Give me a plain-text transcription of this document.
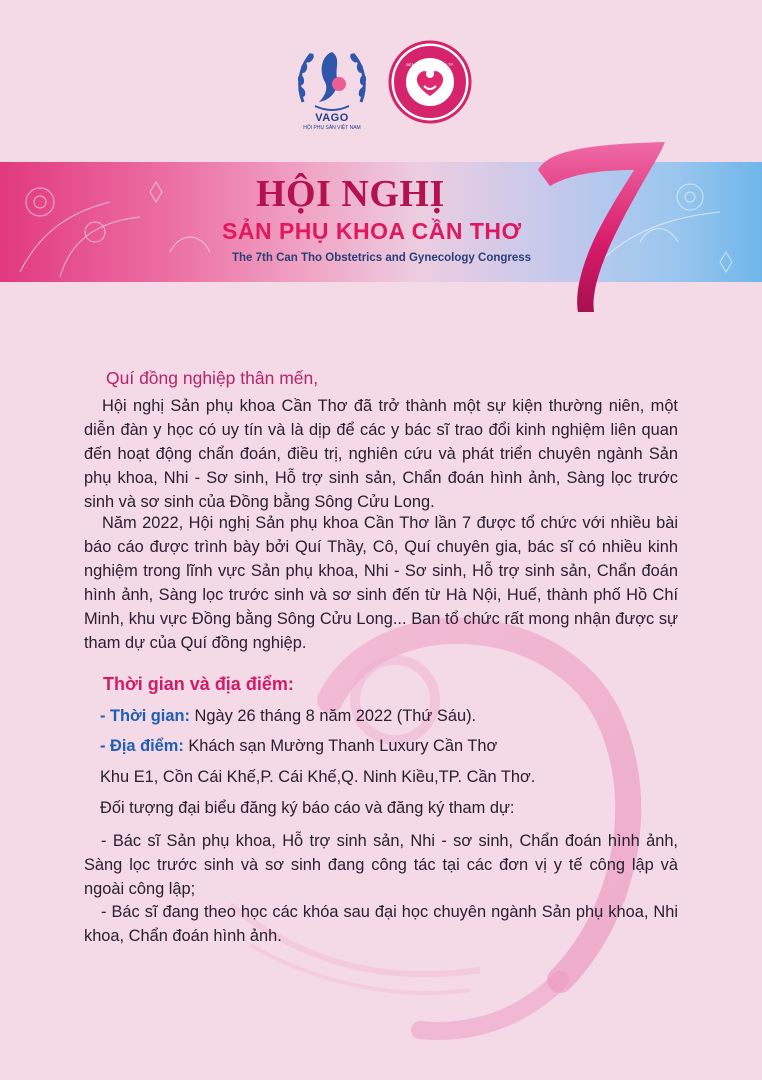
VAGO
HỘI PHỤ SẢN VIỆT NAM
BỆNH VIỆN PHỤ SẢN TP. CẦN THƠ
HỘI NGHỊ
SẢN PHỤ KHOA CẦN THƠ
The 7th Can Tho Obstetrics and Gynecology Congress
Quí đồng nghiệp thân mến,

Hội nghị Sản phụ khoa Cần Thơ đã trở thành một sự kiện thường niên, một diễn đàn y học có uy tín và là dịp để các y bác sĩ trao đổi kinh nghiệm liên quan đến hoạt động chẩn đoán, điều trị, nghiên cứu và phát triển chuyên ngành Sản phụ khoa, Nhi - Sơ sinh, Hỗ trợ sinh sản, Chẩn đoán hình ảnh, Sàng lọc trước sinh và sơ sinh của Đồng bằng Sông Cửu Long.

Năm 2022, Hội nghị Sản phụ khoa Cần Thơ lần 7 được tổ chức với nhiều bài báo cáo được trình bày bởi Quí Thầy, Cô, Quí chuyên gia, bác sĩ có nhiều kinh nghiệm trong lĩnh vực Sản phụ khoa, Nhi - Sơ sinh, Hỗ trợ sinh sản, Chẩn đoán hình ảnh, Sàng lọc trước sinh và sơ sinh đến từ Hà Nội, Huế, thành phố Hồ Chí Minh, khu vực Đồng bằng Sông Cửu Long... Ban tổ chức rất mong nhận được sự tham dự của Quí đồng nghiệp.

Thời gian và địa điểm:
- Thời gian: Ngày 26 tháng 8 năm 2022 (Thứ Sáu).
- Địa điểm: Khách sạn Mường Thanh Luxury Cần Thơ
Khu E1, Cồn Cái Khế,P. Cái Khế,Q. Ninh Kiều,TP. Cần Thơ.
Đối tượng đại biểu đăng ký báo cáo và đăng ký tham dự:

- Bác sĩ Sản phụ khoa, Hỗ trợ sinh sản, Nhi - sơ sinh, Chẩn đoán hình ảnh, Sàng lọc trước sinh và sơ sinh đang công tác tại các đơn vị y tế công lập và ngoài công lập;

- Bác sĩ đang theo học các khóa sau đại học chuyên ngành Sản phụ khoa, Nhi khoa, Chẩn đoán hình ảnh.
